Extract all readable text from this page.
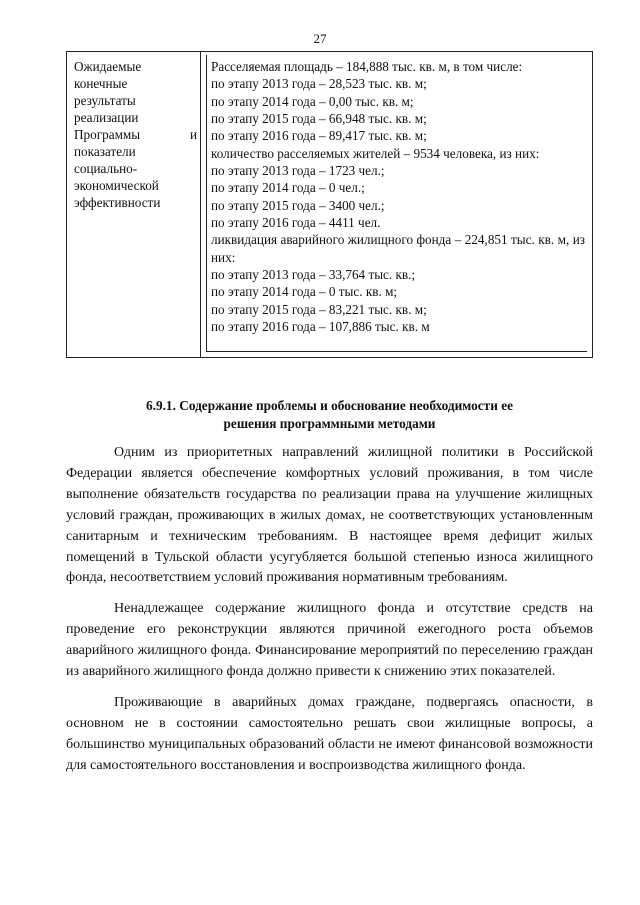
27
Ожидаемые
конечные
результаты
реализации
Программы	и
показатели
социально-
экономической
эффективности
Расселяемая площадь – 184,888 тыс. кв. м, в том числе:
по этапу 2013 года – 28,523 тыс. кв. м;
по этапу 2014 года – 0,00 тыс. кв. м;
по этапу 2015 года – 66,948 тыс. кв. м;
по этапу 2016 года – 89,417 тыс. кв. м;
количество расселяемых жителей – 9534 человека, из них:
по этапу 2013 года – 1723 чел.;
по этапу 2014 года – 0 чел.;
по этапу 2015 года – 3400 чел.;
по этапу 2016 года – 4411 чел.
ликвидация аварийного жилищного фонда – 224,851 тыс. кв. м, из них:
по этапу 2013 года – 33,764 тыс. кв.;
по этапу 2014 года – 0 тыс. кв. м;
по этапу 2015 года – 83,221 тыс. кв. м;
по этапу 2016 года – 107,886 тыс. кв. м
6.9.1. Содержание проблемы и обоснование необходимости ее
решения программными методами

Одним из приоритетных направлений жилищной политики в Российской Федерации является обеспечение комфортных условий проживания, в том числе выполнение обязательств государства по реализации права на улучшение жилищных условий граждан, проживающих в жилых домах, не соответствующих установленным санитарным и техническим требованиям. В настоящее время дефицит жилых помещений в Тульской области усугубляется большой степенью износа жилищного фонда, несоответствием условий проживания нормативным требованиям.

Ненадлежащее содержание жилищного фонда и отсутствие средств на проведение его реконструкции являются причиной ежегодного роста объемов аварийного жилищного фонда. Финансирование мероприятий по переселению граждан из аварийного жилищного фонда должно привести к снижению этих показателей.

Проживающие в аварийных домах граждане, подвергаясь опасности, в основном не в состоянии самостоятельно решать свои жилищные вопросы, а большинство муниципальных образований области не имеют финансовой возможности для самостоятельного восстановления и воспроизводства жилищного фонда.
